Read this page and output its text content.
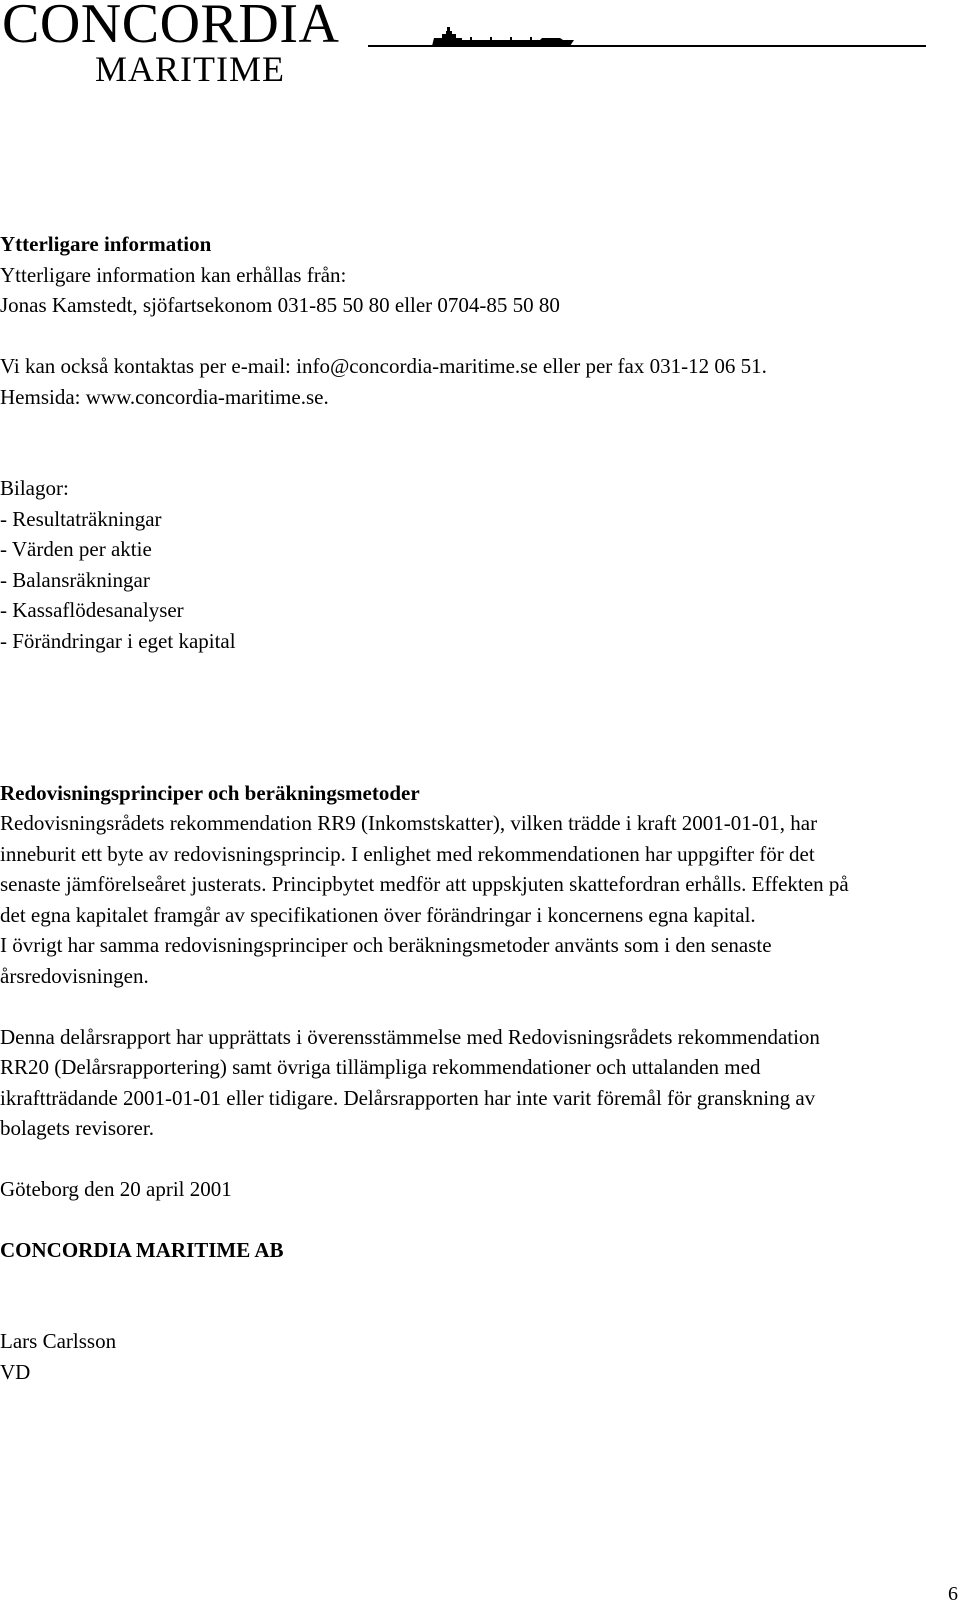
CONCORDIA
MARITIME
Ytterligare information
Ytterligare information kan erhållas från:
Jonas Kamstedt, sjöfartsekonom 031-85 50 80 eller 0704-85 50 80
Vi kan också kontaktas per e-mail: info@concordia-maritime.se eller per fax 031-12 06 51.
Hemsida: www.concordia-maritime.se.
Bilagor:
- Resultaträkningar
- Värden per aktie
- Balansräkningar
- Kassaflödesanalyser
- Förändringar i eget kapital
Redovisningsprinciper och beräkningsmetoder
Redovisningsrådets rekommendation RR9 (Inkomstskatter), vilken trädde i kraft 2001-01-01, har
inneburit ett byte av redovisningsprincip. I enlighet med rekommendationen har uppgifter för det
senaste jämförelseåret justerats. Principbytet medför att uppskjuten skattefordran erhålls. Effekten på
det egna kapitalet framgår av specifikationen över förändringar i koncernens egna kapital.
I övrigt har samma redovisningsprinciper och beräkningsmetoder använts som i den senaste
årsredovisningen.
Denna delårsrapport har upprättats i överensstämmelse med Redovisningsrådets rekommendation
RR20 (Delårsrapportering) samt övriga tillämpliga rekommendationer och uttalanden med
ikraftträdande 2001-01-01 eller tidigare. Delårsrapporten har inte varit föremål för granskning av
bolagets revisorer.
Göteborg den 20 april 2001
CONCORDIA MARITIME AB
Lars Carlsson
VD
6
